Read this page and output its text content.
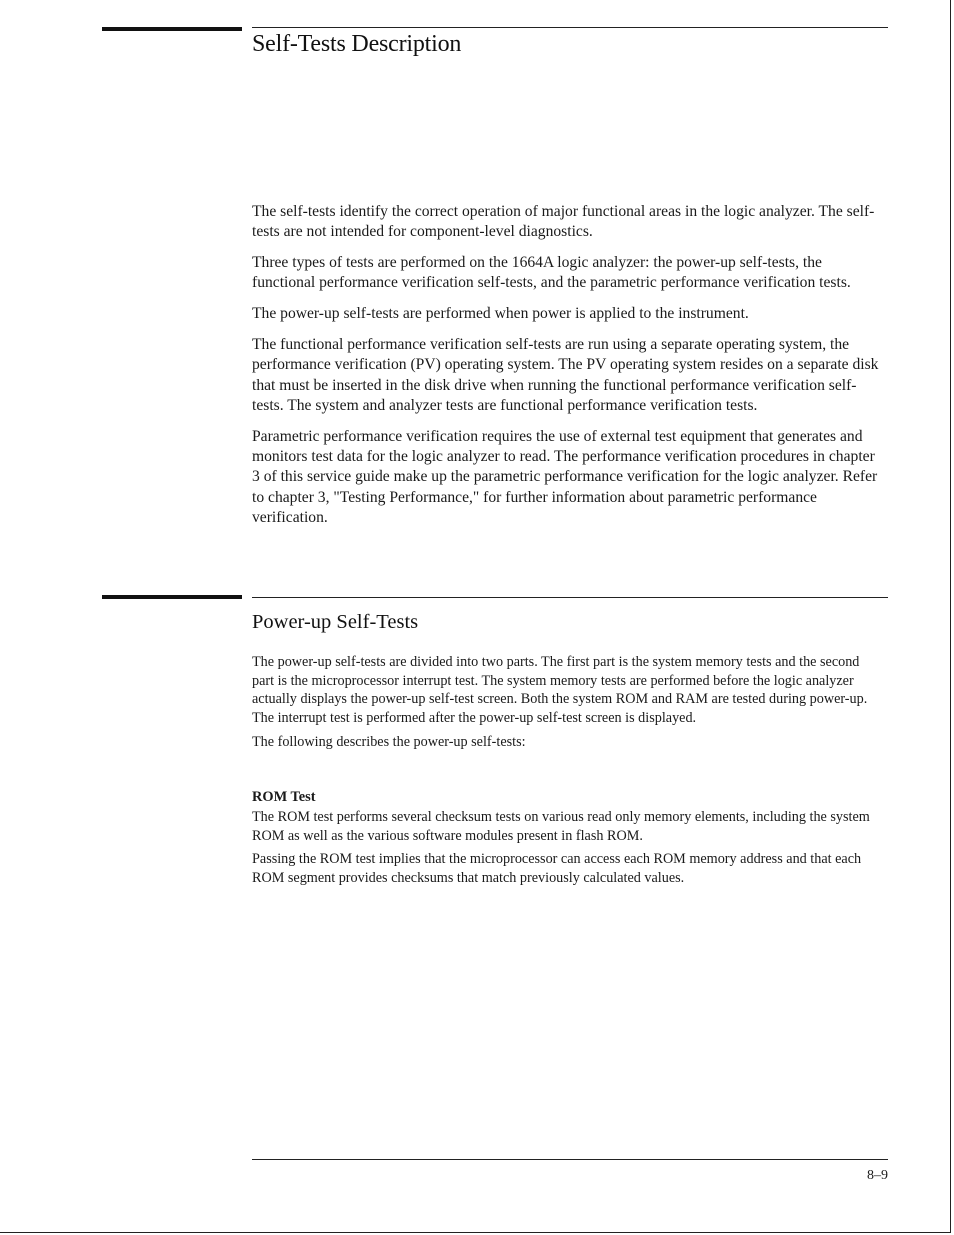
Self-Tests Description

The self-tests identify the correct operation of major functional areas in the logic analyzer. The self-tests are not intended for component-level diagnostics.

Three types of tests are performed on the 1664A logic analyzer: the power-up self-tests, the functional performance verification self-tests, and the parametric performance verification tests.

The power-up self-tests are performed when power is applied to the instrument.

The functional performance verification self-tests are run using a separate operating system, the performance verification (PV) operating system. The PV operating system resides on a separate disk that must be inserted in the disk drive when running the functional performance verification self-tests. The system and analyzer tests are functional performance verification tests.

Parametric performance verification requires the use of external test equipment that generates and monitors test data for the logic analyzer to read. The performance verification procedures in chapter 3 of this service guide make up the parametric performance verification for the logic analyzer. Refer to chapter 3, "Testing Performance," for further information about parametric performance verification.

Power-up Self-Tests

The power-up self-tests are divided into two parts. The first part is the system memory tests and the second part is the microprocessor interrupt test. The system memory tests are performed before the logic analyzer actually displays the power-up self-test screen. Both the system ROM and RAM are tested during power-up. The interrupt test is performed after the power-up self-test screen is displayed.

The following describes the power-up self-tests:

ROM Test

The ROM test performs several checksum tests on various read only memory elements, including the system ROM as well as the various software modules present in flash ROM.

Passing the ROM test implies that the microprocessor can access each ROM memory address and that each ROM segment provides checksums that match previously calculated values.

8–9
